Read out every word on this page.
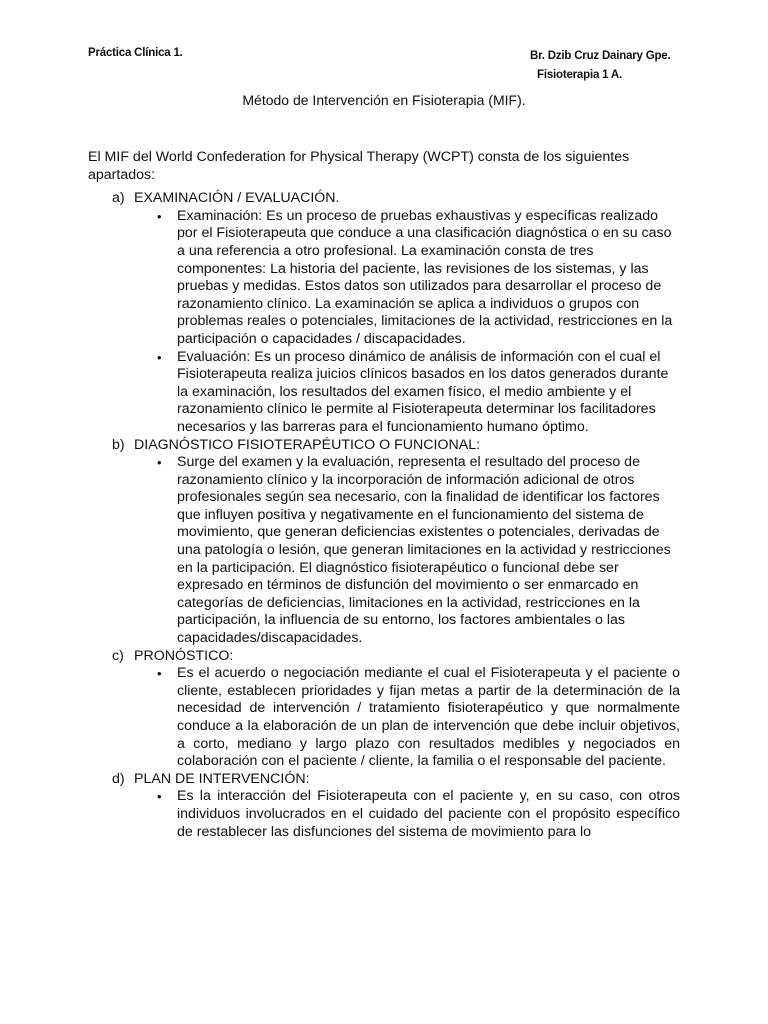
Práctica Clínica 1.	Br. Dzib Cruz Dainary Gpe.
Fisioterapia 1 A.
Método de Intervención en Fisioterapia (MIF).

El MIF del World Confederation for Physical Therapy (WCPT) consta de los siguientes apartados:

a) EXAMINACIÓN / EVALUACIÓN.

• Examinación: Es un proceso de pruebas exhaustivas y específicas realizado por el Fisioterapeuta que conduce a una clasificación diagnóstica o en su caso a una referencia a otro profesional. La examinación consta de tres componentes: La historia del paciente, las revisiones de los sistemas, y las pruebas y medidas. Estos datos son utilizados para desarrollar el proceso de razonamiento clínico. La examinación se aplica a individuos o grupos con problemas reales o potenciales, limitaciones de la actividad, restricciones en la participación o capacidades / discapacidades.
• Evaluación: Es un proceso dinámico de análisis de información con el cual el Fisioterapeuta realiza juicios clínicos basados en los datos generados durante la examinación, los resultados del examen físico, el medio ambiente y el razonamiento clínico le permite al Fisioterapeuta determinar los facilitadores necesarios y las barreras para el funcionamiento humano óptimo.

b) DIAGNÓSTICO FISIOTERAPÉUTICO O FUNCIONAL:

• Surge del examen y la evaluación, representa el resultado del proceso de razonamiento clínico y la incorporación de información adicional de otros profesionales según sea necesario, con la finalidad de identificar los factores que influyen positiva y negativamente en el funcionamiento del sistema de movimiento, que generan deficiencias existentes o potenciales, derivadas de una patología o lesión, que generan limitaciones en la actividad y restricciones en la participación. El diagnóstico fisioterapéutico o funcional debe ser expresado en términos de disfunción del movimiento o ser enmarcado en categorías de deficiencias, limitaciones en la actividad, restricciones en la participación, la influencia de su entorno, los factores ambientales o las capacidades/discapacidades.

c) PRONÓSTICO:

• Es el acuerdo o negociación mediante el cual el Fisioterapeuta y el paciente o cliente, establecen prioridades y fijan metas a partir de la determinación de la necesidad de intervención / tratamiento fisioterapéutico y que normalmente conduce a la elaboración de un plan de intervención que debe incluir objetivos, a corto, mediano y largo plazo con resultados medibles y negociados en colaboración con el paciente / cliente, la familia o el responsable del paciente.

d) PLAN DE INTERVENCIÓN:

• Es la interacción del Fisioterapeuta con el paciente y, en su caso, con otros individuos involucrados en el cuidado del paciente con el propósito específico de restablecer las disfunciones del sistema de movimiento para lo
